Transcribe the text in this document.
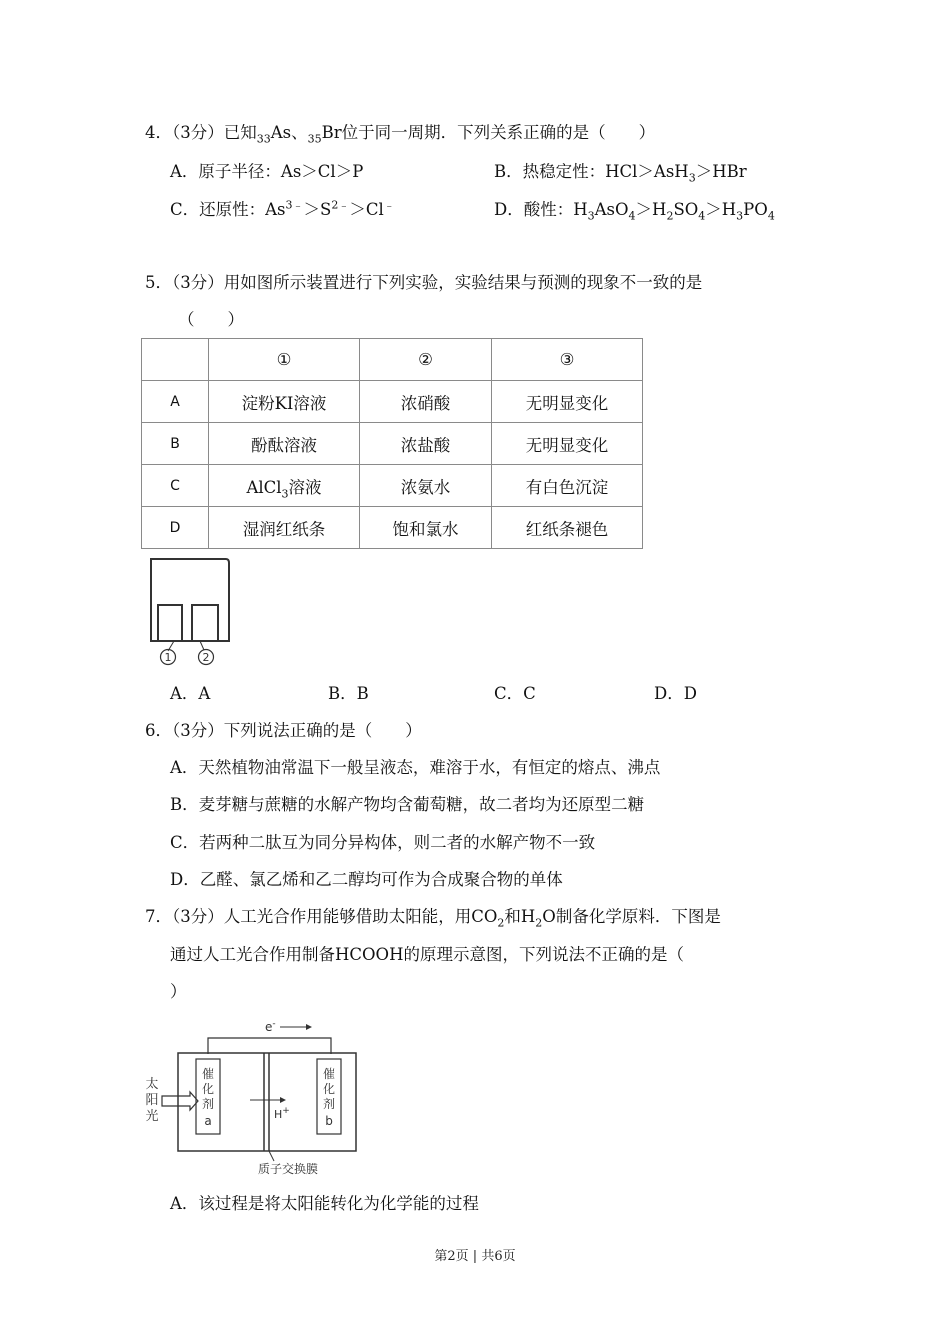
4．（3分）已知$_{33}$As、$_{35}$Br位于同一周期．下列关系正确的是（　　）
A．原子半径：As＞Cl＞P	B．热稳定性：HCl＞AsH$_3$＞HBr
C．还原性：$As^{3﹣}>S^{2﹣}>Cl^﹣$	D．酸性：$H_3AsO_4>H_2SO_4>H_3PO_4$
5．（3分）用如图所示装置进行下列实验，实验结果与预测的现象不一致的是
（　　）
	①	②	③
A	淀粉KI溶液	浓硝酸	无明显变化
B	酚酞溶液	浓盐酸	无明显变化
C	AlCl$_3$溶液	浓氨水	有白色沉淀
D	湿润红纸条	饱和氯水	红纸条褪色
1	2
A．A	B．B	C．C	D．D
6．（3分）下列说法正确的是（　　）
A．天然植物油常温下一般呈液态，难溶于水，有恒定的熔点、沸点
B．麦芽糖与蔗糖的水解产物均含葡萄糖，故二者均为还原型二糖
C．若两种二肽互为同分异构体，则二者的水解产物不一致
D．乙醛、氯乙烯和乙二醇均可作为合成聚合物的单体
7．（3分）人工光合作用能够借助太阳能，用$CO_2$和$H_2O$制备化学原料．下图是
通过人工光合作用制备HCOOH的原理示意图，下列说法不正确的是（
）
e-
催
化
剂
a
催
化
剂
b
太
阳
光	H+
质子交换膜
A．该过程是将太阳能转化为化学能的过程
第2页 | 共6页
